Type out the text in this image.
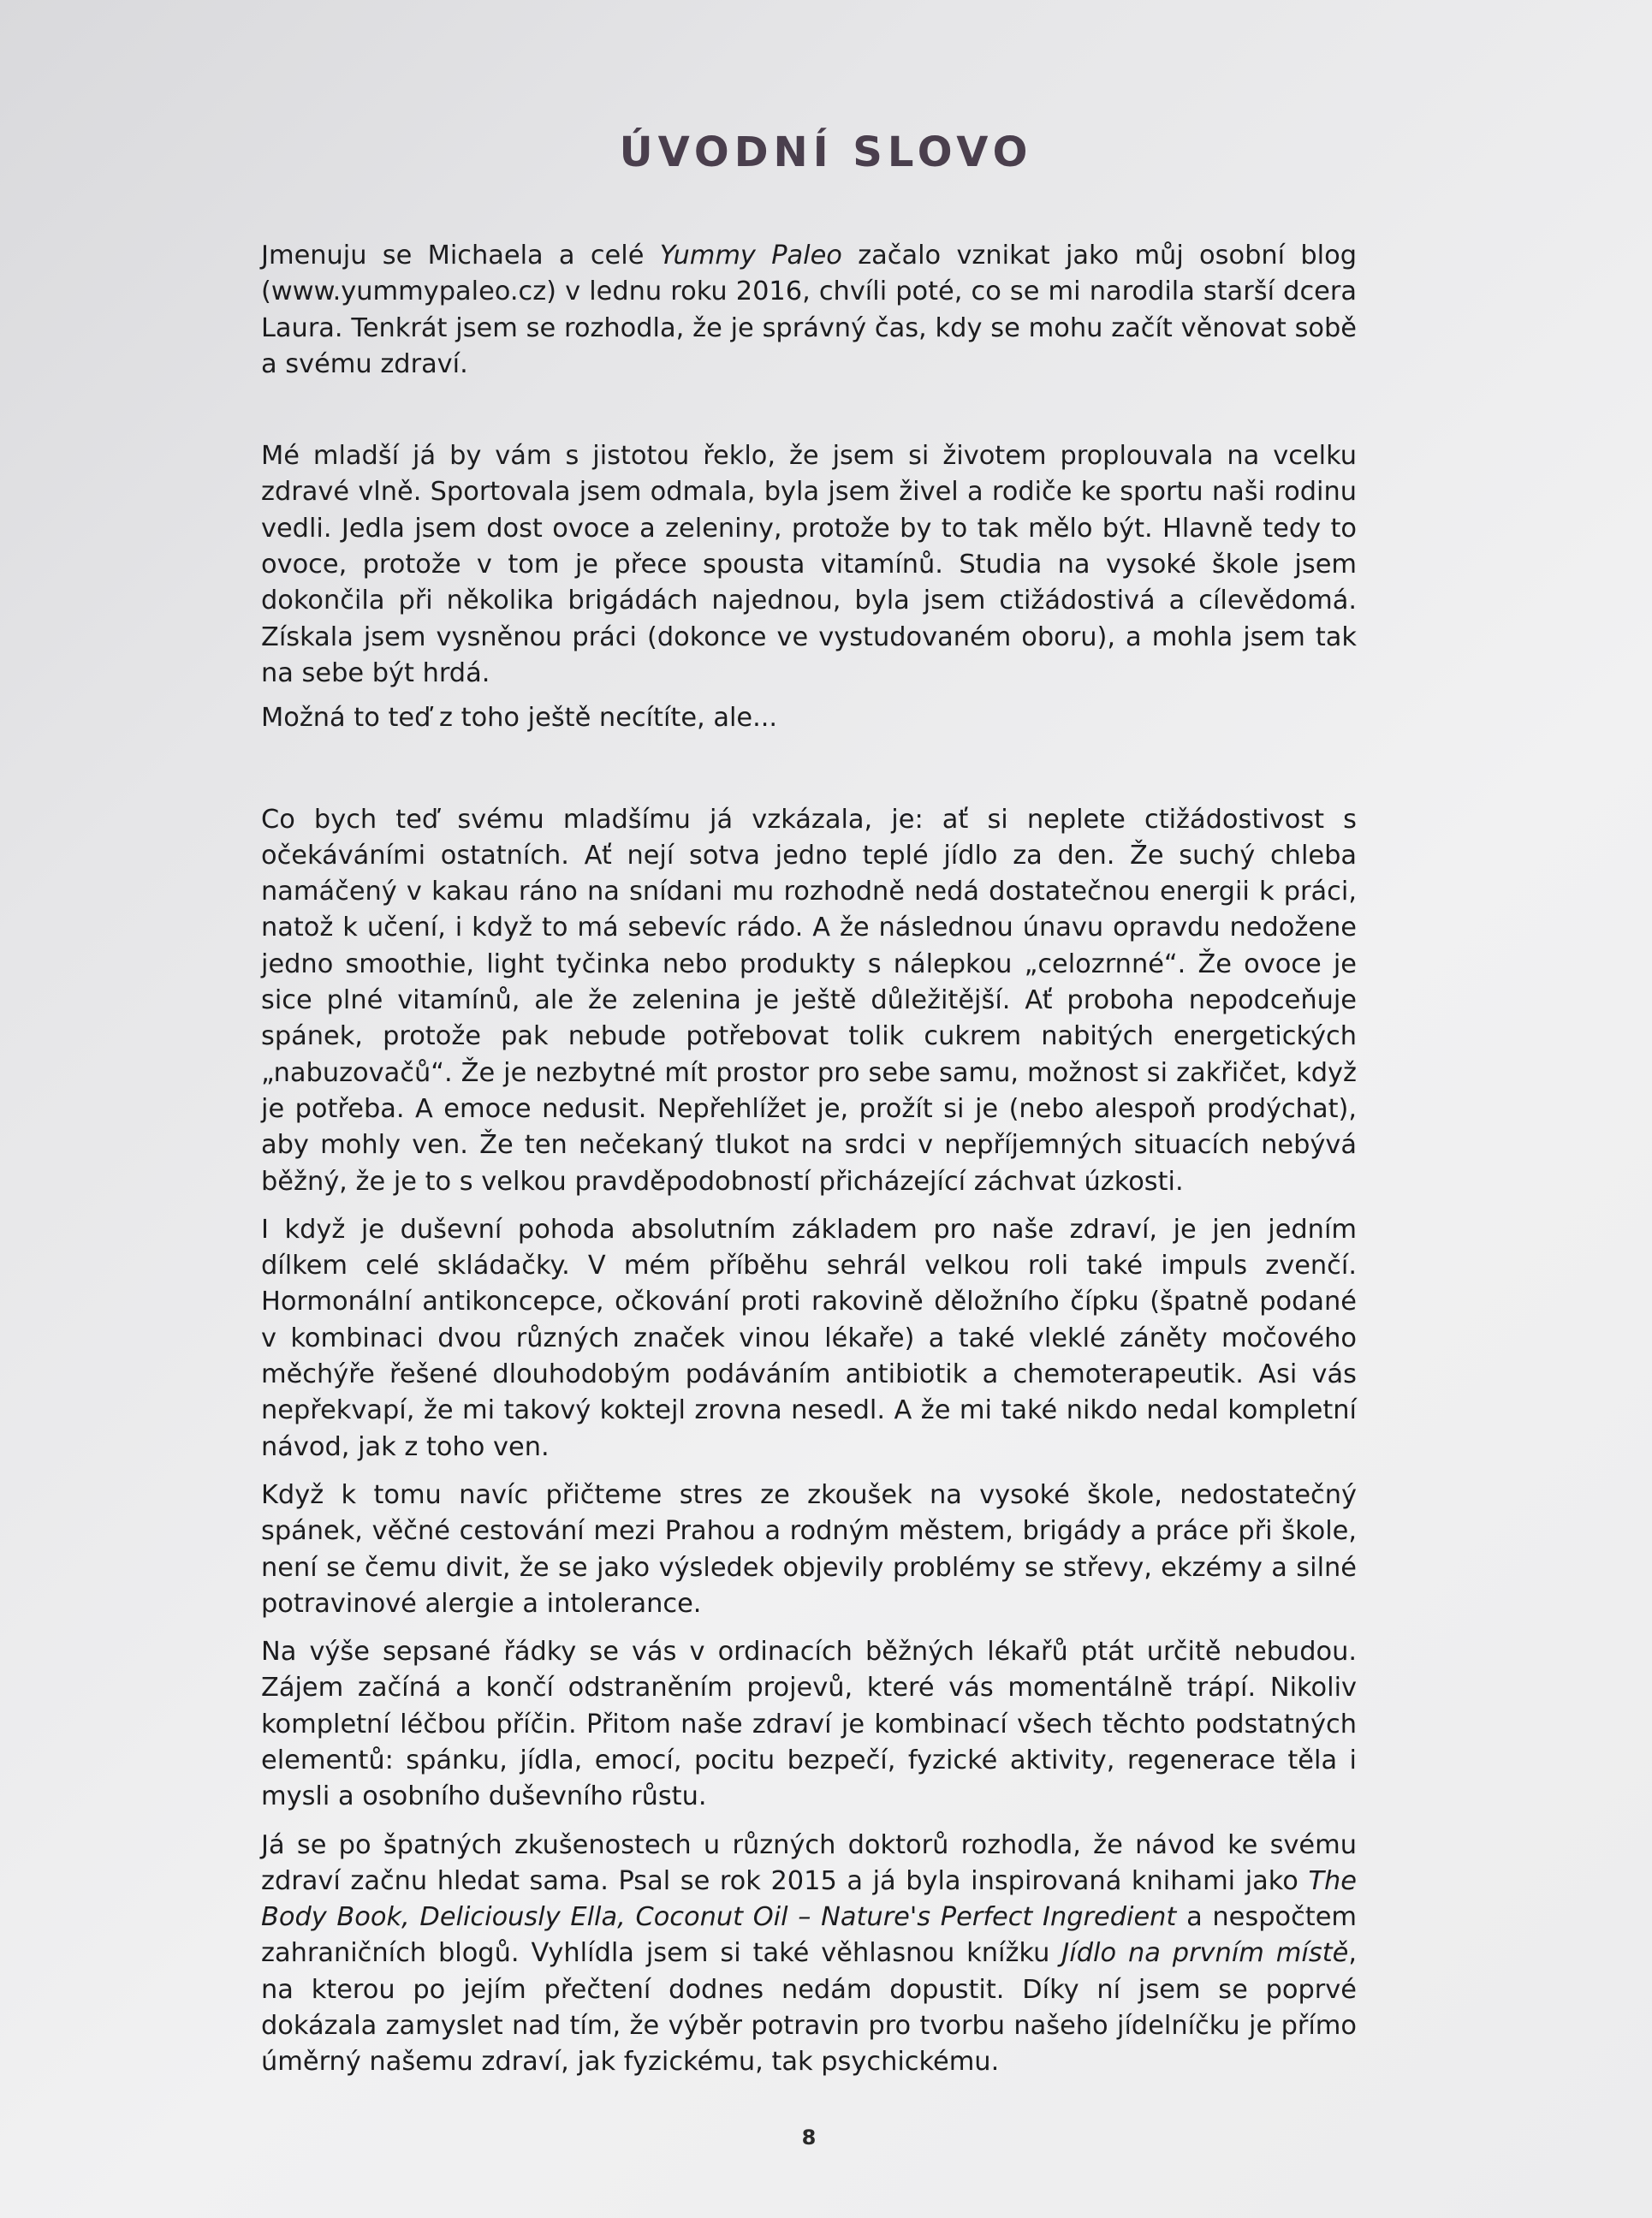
ÚVODNÍ SLOVO

Jmenuju se Michaela a celé Yummy Paleo začalo vznikat jako můj osobní blog (www.yummypaleo.cz) v lednu roku 2016, chvíli poté, co se mi narodila starší dcera Laura. Tenkrát jsem se rozhodla, že je správný čas, kdy se mohu začít věnovat sobě a svému zdraví.

Mé mladší já by vám s jistotou řeklo, že jsem si životem proplouvala na vcelku zdravé vlně. Sportovala jsem odmala, byla jsem živel a rodiče ke sportu naši rodinu vedli. Jedla jsem dost ovoce a zeleniny, protože by to tak mělo být. Hlavně tedy to ovoce, protože v tom je přece spousta vitamínů. Studia na vysoké škole jsem dokončila při několika brigádách najednou, byla jsem ctižádostivá a cílevědomá. Získala jsem vysněnou práci (dokonce ve vystudovaném oboru), a mohla jsem tak na sebe být hrdá.

Možná to teď z toho ještě necítíte, ale...

Co bych teď svému mladšímu já vzkázala, je: ať si neplete ctižádostivost s očekáváními ostatních. Ať nejí sotva jedno teplé jídlo za den. Že suchý chleba namáčený v kakau ráno na snídani mu rozhodně nedá dostatečnou energii k práci, natož k učení, i když to má sebevíc rádo. A že následnou únavu opravdu nedožene jedno smoothie, light tyčinka nebo produkty s nálepkou „celozrnné“. Že ovoce je sice plné vitamínů, ale že zelenina je ještě důležitější. Ať proboha nepodceňuje spánek, protože pak nebude potřebovat tolik cukrem nabitých energetických „nabuzovačů“. Že je nezbytné mít prostor pro sebe samu, možnost si zakřičet, když je potřeba. A emoce nedusit. Nepřehlížet je, prožít si je (nebo alespoň prodýchat), aby mohly ven. Že ten nečekaný tlukot na srdci v nepříjemných situacích nebývá běžný, že je to s velkou pravděpodobností přicházející záchvat úzkosti.

I když je duševní pohoda absolutním základem pro naše zdraví, je jen jedním dílkem celé skládačky. V mém příběhu sehrál velkou roli také impuls zvenčí. Hormonální antikoncepce, očkování proti rakovině děložního čípku (špatně podané v kombinaci dvou různých značek vinou lékaře) a také vleklé záněty močového měchýře řešené dlouhodobým podáváním antibiotik a chemoterapeutik. Asi vás nepřekvapí, že mi takový koktejl zrovna nesedl. A že mi také nikdo nedal kompletní návod, jak z toho ven.

Když k tomu navíc přičteme stres ze zkoušek na vysoké škole, nedostatečný spánek, věčné cestování mezi Prahou a rodným městem, brigády a práce při škole, není se čemu divit, že se jako výsledek objevily problémy se střevy, ekzémy a silné potravinové alergie a intolerance.

Na výše sepsané řádky se vás v ordinacích běžných lékařů ptát určitě nebudou. Zájem začíná a končí odstraněním projevů, které vás momentálně trápí. Nikoliv kompletní léčbou příčin. Přitom naše zdraví je kombinací všech těchto podstatných elementů: spánku, jídla, emocí, pocitu bezpečí, fyzické aktivity, regenerace těla i mysli a osobního duševního růstu.

Já se po špatných zkušenostech u různých doktorů rozhodla, že návod ke svému zdraví začnu hledat sama. Psal se rok 2015 a já byla inspirovaná knihami jako The Body Book, Deliciously Ella, Coconut Oil – Nature's Perfect Ingredient a nespočtem zahraničních blogů. Vyhlídla jsem si také věhlasnou knížku Jídlo na prvním místě, na kterou po jejím přečtení dodnes nedám dopustit. Díky ní jsem se poprvé dokázala zamyslet nad tím, že výběr potravin pro tvorbu našeho jídelníčku je přímo úměrný našemu zdraví, jak fyzickému, tak psychickému.

8
